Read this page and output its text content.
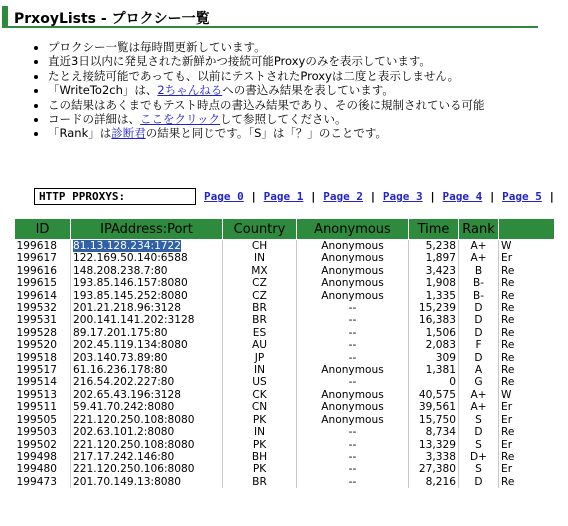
PrxoyLists - プロクシー一覧
• プロクシー一覧は毎時間更新しています。
• 直近3日以内に発見された新鮮かつ接続可能Proxyのみを表示しています。
• たとえ接続可能であっても、以前にテストされたProxyは二度と表示しません。
• 「WriteTo2ch」は、2ちゃんねるへの書込み結果を表しています。
• この結果はあくまでもテスト時点の書込み結果であり、その後に規制されている可能
• コードの詳細は、ここをクリックして参照してください。
• 「Rank」は診断君の結果と同じです。「S」は「？」のことです。
HTTP PPROXYS:	Page 0 | Page 1 | Page 2 | Page 3 | Page 4 | Page 5 |
ID	IPAddress:Port	Country	Anonymous	Time	Rank	
199618	81.13.128.234:1722	CH	Anonymous	5,238	A+	W
199617	122.169.50.140:6588	IN	Anonymous	1,897	A+	Er
199616	148.208.238.7:80	MX	Anonymous	3,423	B	Re
199615	193.85.146.157:8080	CZ	Anonymous	1,908	B-	Re
199614	193.85.145.252:8080	CZ	Anonymous	1,335	B-	Re
199532	201.21.218.96:3128	BR	--	15,239	D	Re
199531	200.141.141.202:3128	BR	--	16,383	D	Re
199528	89.17.201.175:80	ES	--	1,506	D	Re
199520	202.45.119.134:8080	AU	--	2,083	F	Re
199518	203.140.73.89:80	JP	--	309	D	Re
199517	61.16.236.178:80	IN	Anonymous	1,381	A	Re
199514	216.54.202.227:80	US	--	0	G	Re
199513	202.65.43.196:3128	CK	Anonymous	40,575	A+	W
199511	59.41.70.242:8080	CN	Anonymous	39,561	A+	Er
199505	221.120.250.108:8080	PK	Anonymous	15,750	S	Er
199503	202.63.101.2:8080	IN	--	8,734	D	Re
199502	221.120.250.108:8080	PK	--	13,329	S	Er
199498	217.17.242.146:80	BH	--	3,338	D+	Re
199480	221.120.250.106:8080	PK	--	27,380	S	Er
199473	201.70.149.13:8080	BR	--	8,216	D	Re
